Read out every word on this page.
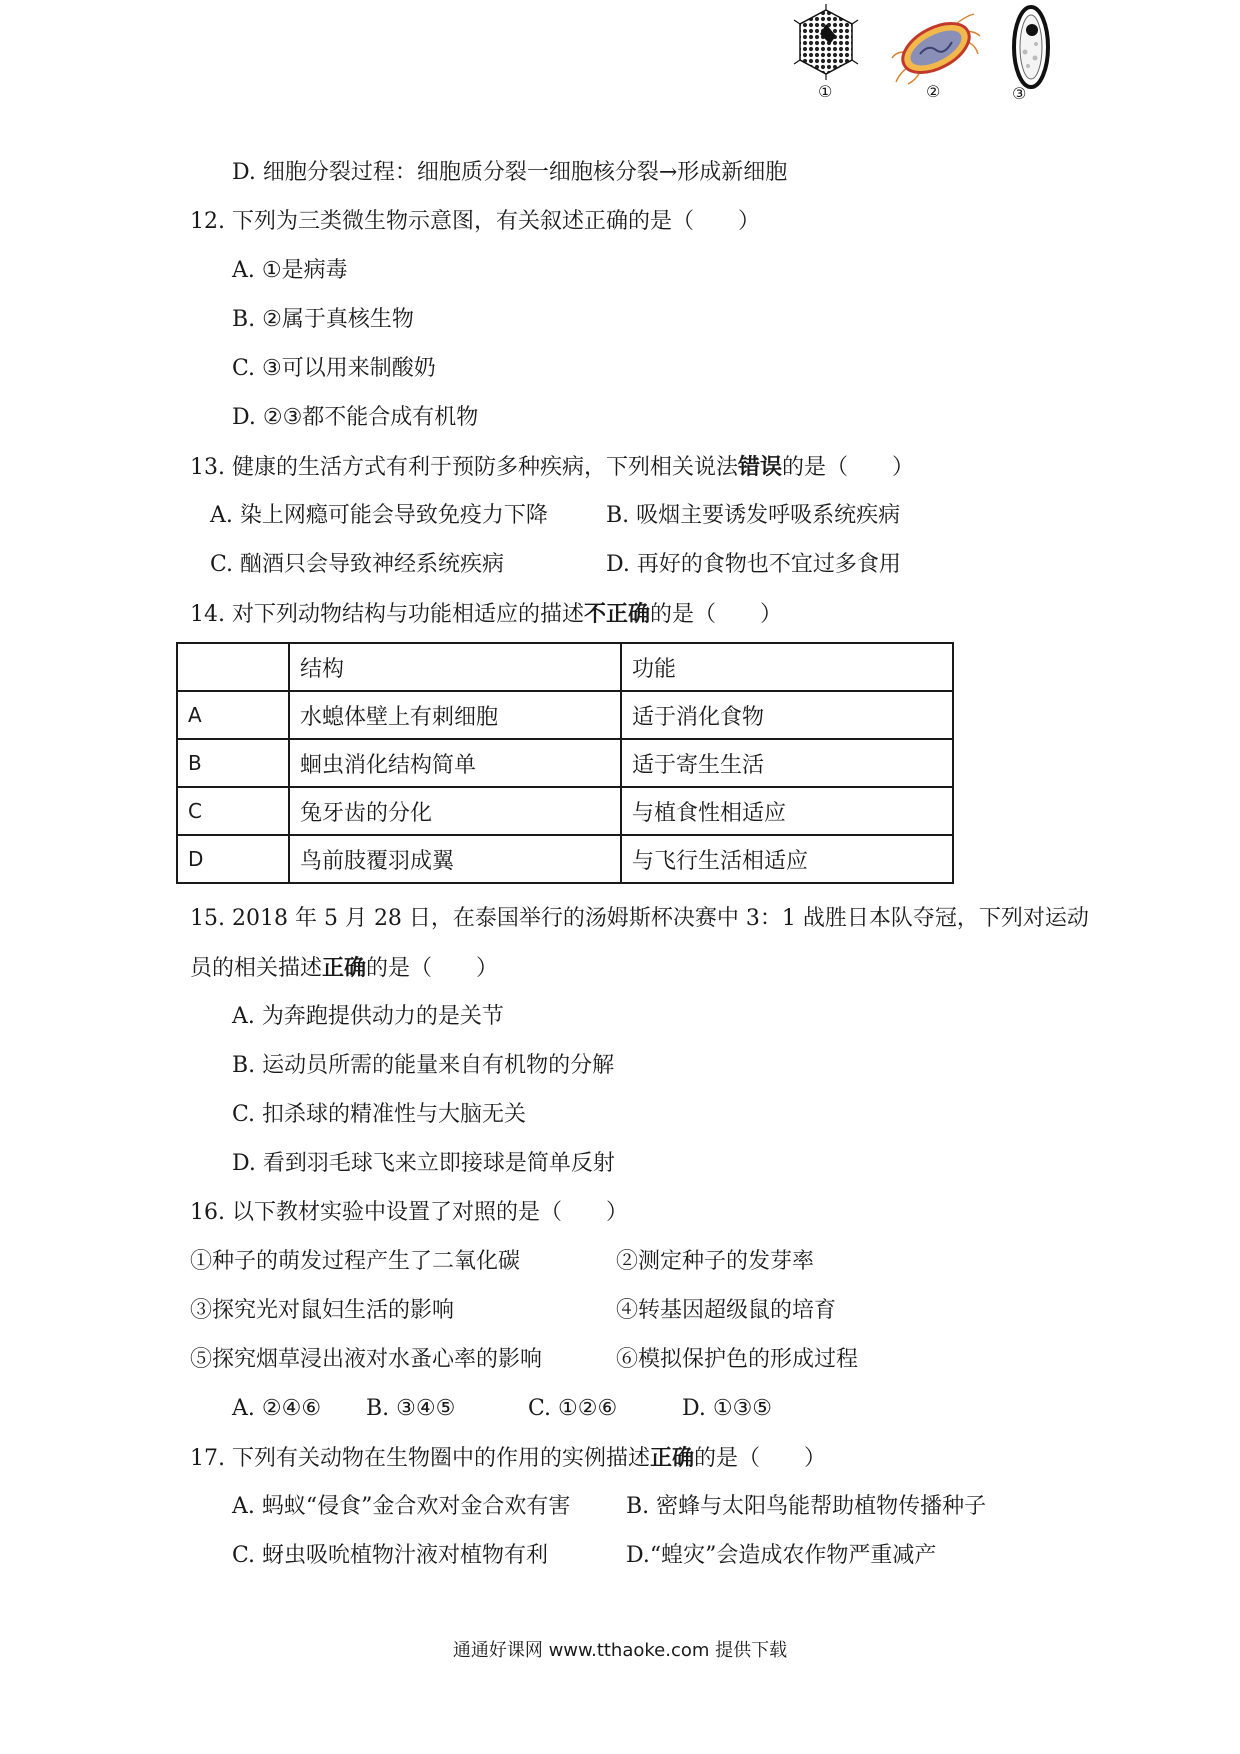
①	②	③
D. 细胞分裂过程：细胞质分裂一细胞核分裂→形成新细胞
12. 下列为三类微生物示意图，有关叙述正确的是（　　）
A. ①是病毒
B. ②属于真核生物
C. ③可以用来制酸奶
D. ②③都不能合成有机物
13. 健康的生活方式有利于预防多种疾病，下列相关说法错误的是（　　）
A. 染上网瘾可能会导致免疫力下降	B. 吸烟主要诱发呼吸系统疾病
C. 酗酒只会导致神经系统疾病	D. 再好的食物也不宜过多食用
14. 对下列动物结构与功能相适应的描述不正确的是（　　）
	结构	功能
A	水螅体壁上有刺细胞	适于消化食物
B	蛔虫消化结构简单	适于寄生生活
C	兔牙齿的分化	与植食性相适应
D	鸟前肢覆羽成翼	与飞行生活相适应
15. 2018 年 5 月 28 日，在泰国举行的汤姆斯杯决赛中 3：1 战胜日本队夺冠，下列对运动
员的相关描述正确的是（　　）
A. 为奔跑提供动力的是关节
B. 运动员所需的能量来自有机物的分解
C. 扣杀球的精准性与大脑无关
D. 看到羽毛球飞来立即接球是简单反射
16. 以下教材实验中设置了对照的是（　　）
①种子的萌发过程产生了二氧化碳	②测定种子的发芽率
③探究光对鼠妇生活的影响	④转基因超级鼠的培育
⑤探究烟草浸出液对水蚤心率的影响	⑥模拟保护色的形成过程
A. ②④⑥ B. ③④⑤	C. ①②⑥	D. ①③⑤
17. 下列有关动物在生物圈中的作用的实例描述正确的是（　　）
A. 蚂蚁“侵食”金合欢对金合欢有害	B. 密蜂与太阳鸟能帮助植物传播种子
C. 蚜虫吸吮植物汁液对植物有利	D.“蝗灾”会造成农作物严重减产
通通好课网 www.tthaoke.com 提供下载
